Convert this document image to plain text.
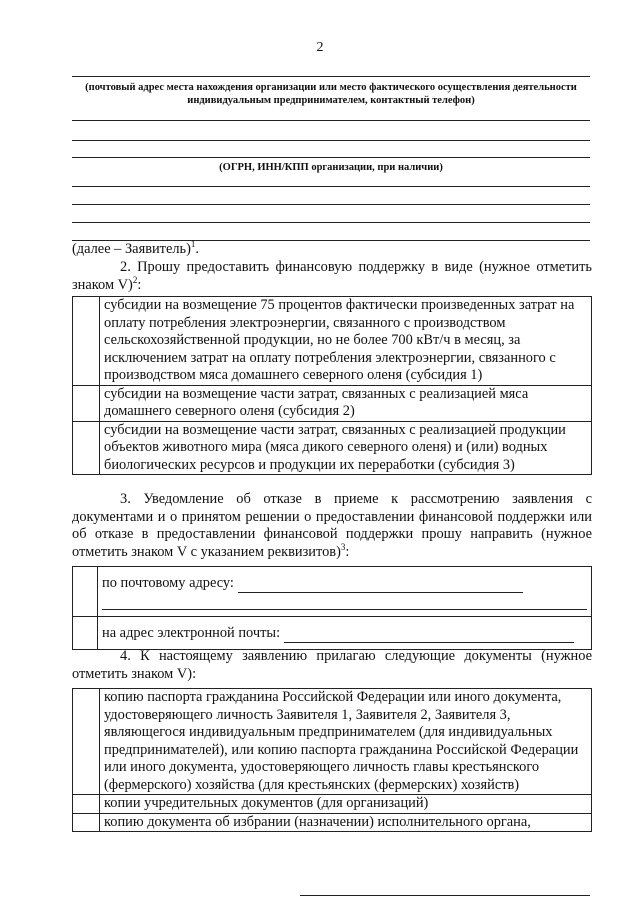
2
(почтовый адрес места нахождения организации или место фактического осуществления деятельности индивидуальным предпринимателем, контактный телефон)
(ОГРН, ИНН/КПП организации, при наличии)
(далее – Заявитель)$^1$.
2. Прошу предоставить финансовую поддержку в виде (нужное отметить знаком V)$^2$:
	субсидии на возмещение 75 процентов фактически произведенных затрат на оплату потребления электроэнергии, связанного с производством сельскохозяйственной продукции, но не более 700 кВт/ч в месяц, за исключением затрат на оплату потребления электроэнергии, связанного с производством мяса домашнего северного оленя (субсидия 1)
	субсидии на возмещение части затрат, связанных с реализацией мяса домашнего северного оленя (субсидия 2)
	субсидии на возмещение части затрат, связанных с реализацией продукции объектов животного мира (мяса дикого северного оленя) и (или) водных биологических ресурсов и продукции их переработки (субсидия 3)
3. Уведомление об отказе в приеме к рассмотрению заявления с документами и о принятом решении о предоставлении финансовой поддержки или об отказе в предоставлении финансовой поддержки прошу направить (нужное отметить знаком V с указанием реквизитов)$^3$:
	по почтовому адресу:

	на адрес электронной почты:
4. К настоящему заявлению прилагаю следующие документы (нужное отметить знаком V):
	копию паспорта гражданина Российской Федерации или иного документа, удостоверяющего личность Заявителя 1, Заявителя 2, Заявителя 3, являющегося индивидуальным предпринимателем (для индивидуальных предпринимателей), или копию паспорта гражданина Российской Федерации или иного документа, удостоверяющего личность главы крестьянского (фермерского) хозяйства (для крестьянских (фермерских) хозяйств)
	копии учредительных документов (для организаций)
	копию документа об избрании (назначении) исполнительного органа,
